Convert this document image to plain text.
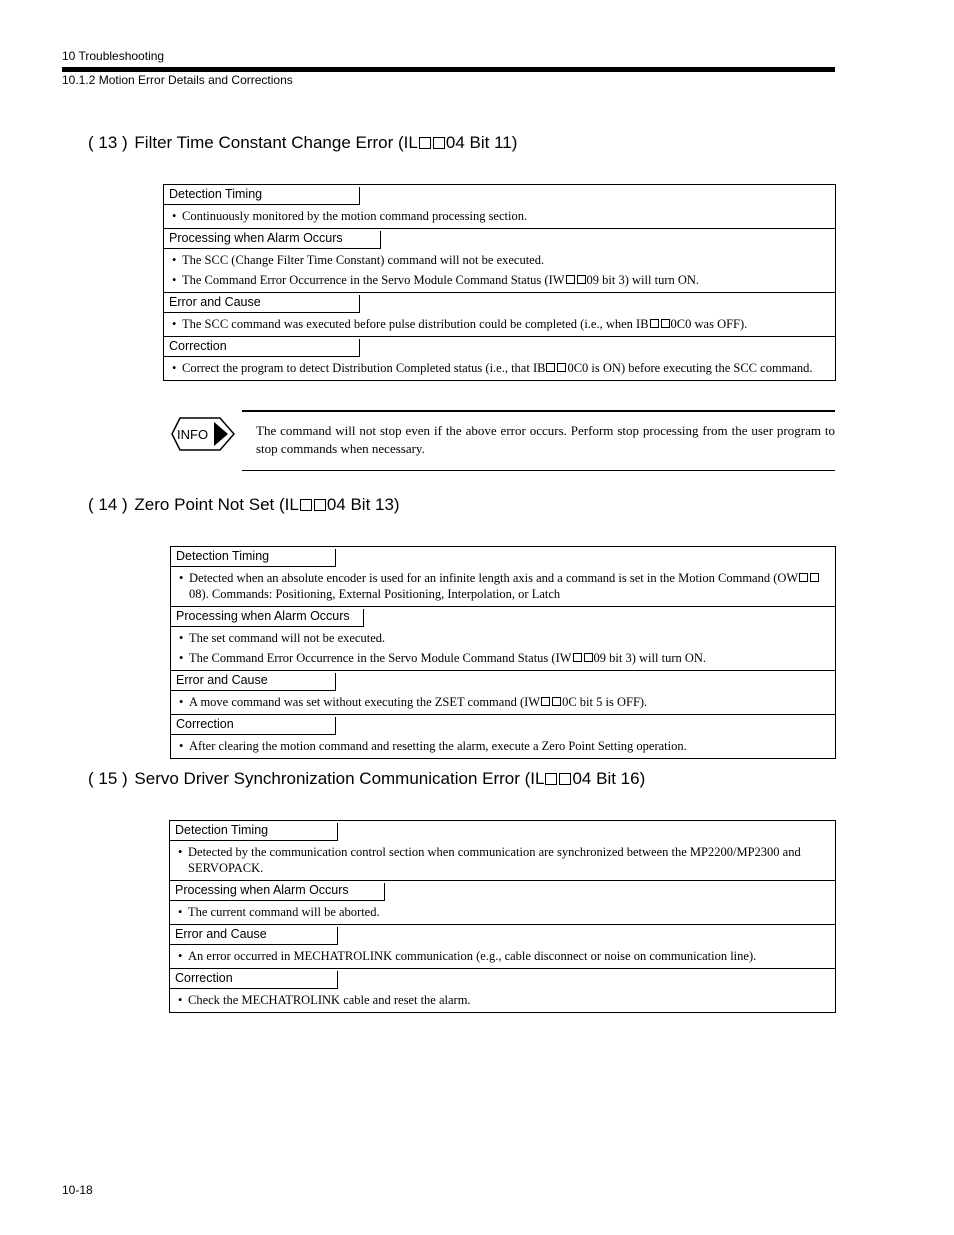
10 Troubleshooting
10.1.2 Motion Error Details and Corrections
( 13 ) Filter Time Constant Change Error (IL 04 Bit 11)
Detection Timing
• Continuously monitored by the motion command processing section.
Processing when Alarm Occurs
• The SCC (Change Filter Time Constant) command will not be executed.
• The Command Error Occurrence in the Servo Module Command Status (IW 09 bit 3) will turn ON.
Error and Cause
• The SCC command was executed before pulse distribution could be completed (i.e., when IB 0C0 was OFF).
Correction
• Correct the program to detect Distribution Completed status (i.e., that IB 0C0 is ON) before executing the SCC command.
INFO	The command will not stop even if the above error occurs. Perform stop processing from the user program to stop commands when necessary.
( 14 ) Zero Point Not Set (IL 04 Bit 13)
Detection Timing
• Detected when an absolute encoder is used for an infinite length axis and a command is set in the Motion Command (OW08). Commands: Positioning, External Positioning, Interpolation, or Latch
Processing when Alarm Occurs
• The set command will not be executed.
• The Command Error Occurrence in the Servo Module Command Status (IW 09 bit 3) will turn ON.
Error and Cause
• A move command was set without executing the ZSET command (IW 0C bit 5 is OFF).
Correction
• After clearing the motion command and resetting the alarm, execute a Zero Point Setting operation.
( 15 ) Servo Driver Synchronization Communication Error (IL 04 Bit 16)
Detection Timing
• Detected by the communication control section when communication are synchronized between the MP2200/MP2300 and SERVOPACK.
Processing when Alarm Occurs
• The current command will be aborted.
Error and Cause
• An error occurred in MECHATROLINK communication (e.g., cable disconnect or noise on communication line).
Correction
• Check the MECHATROLINK cable and reset the alarm.
10-18
